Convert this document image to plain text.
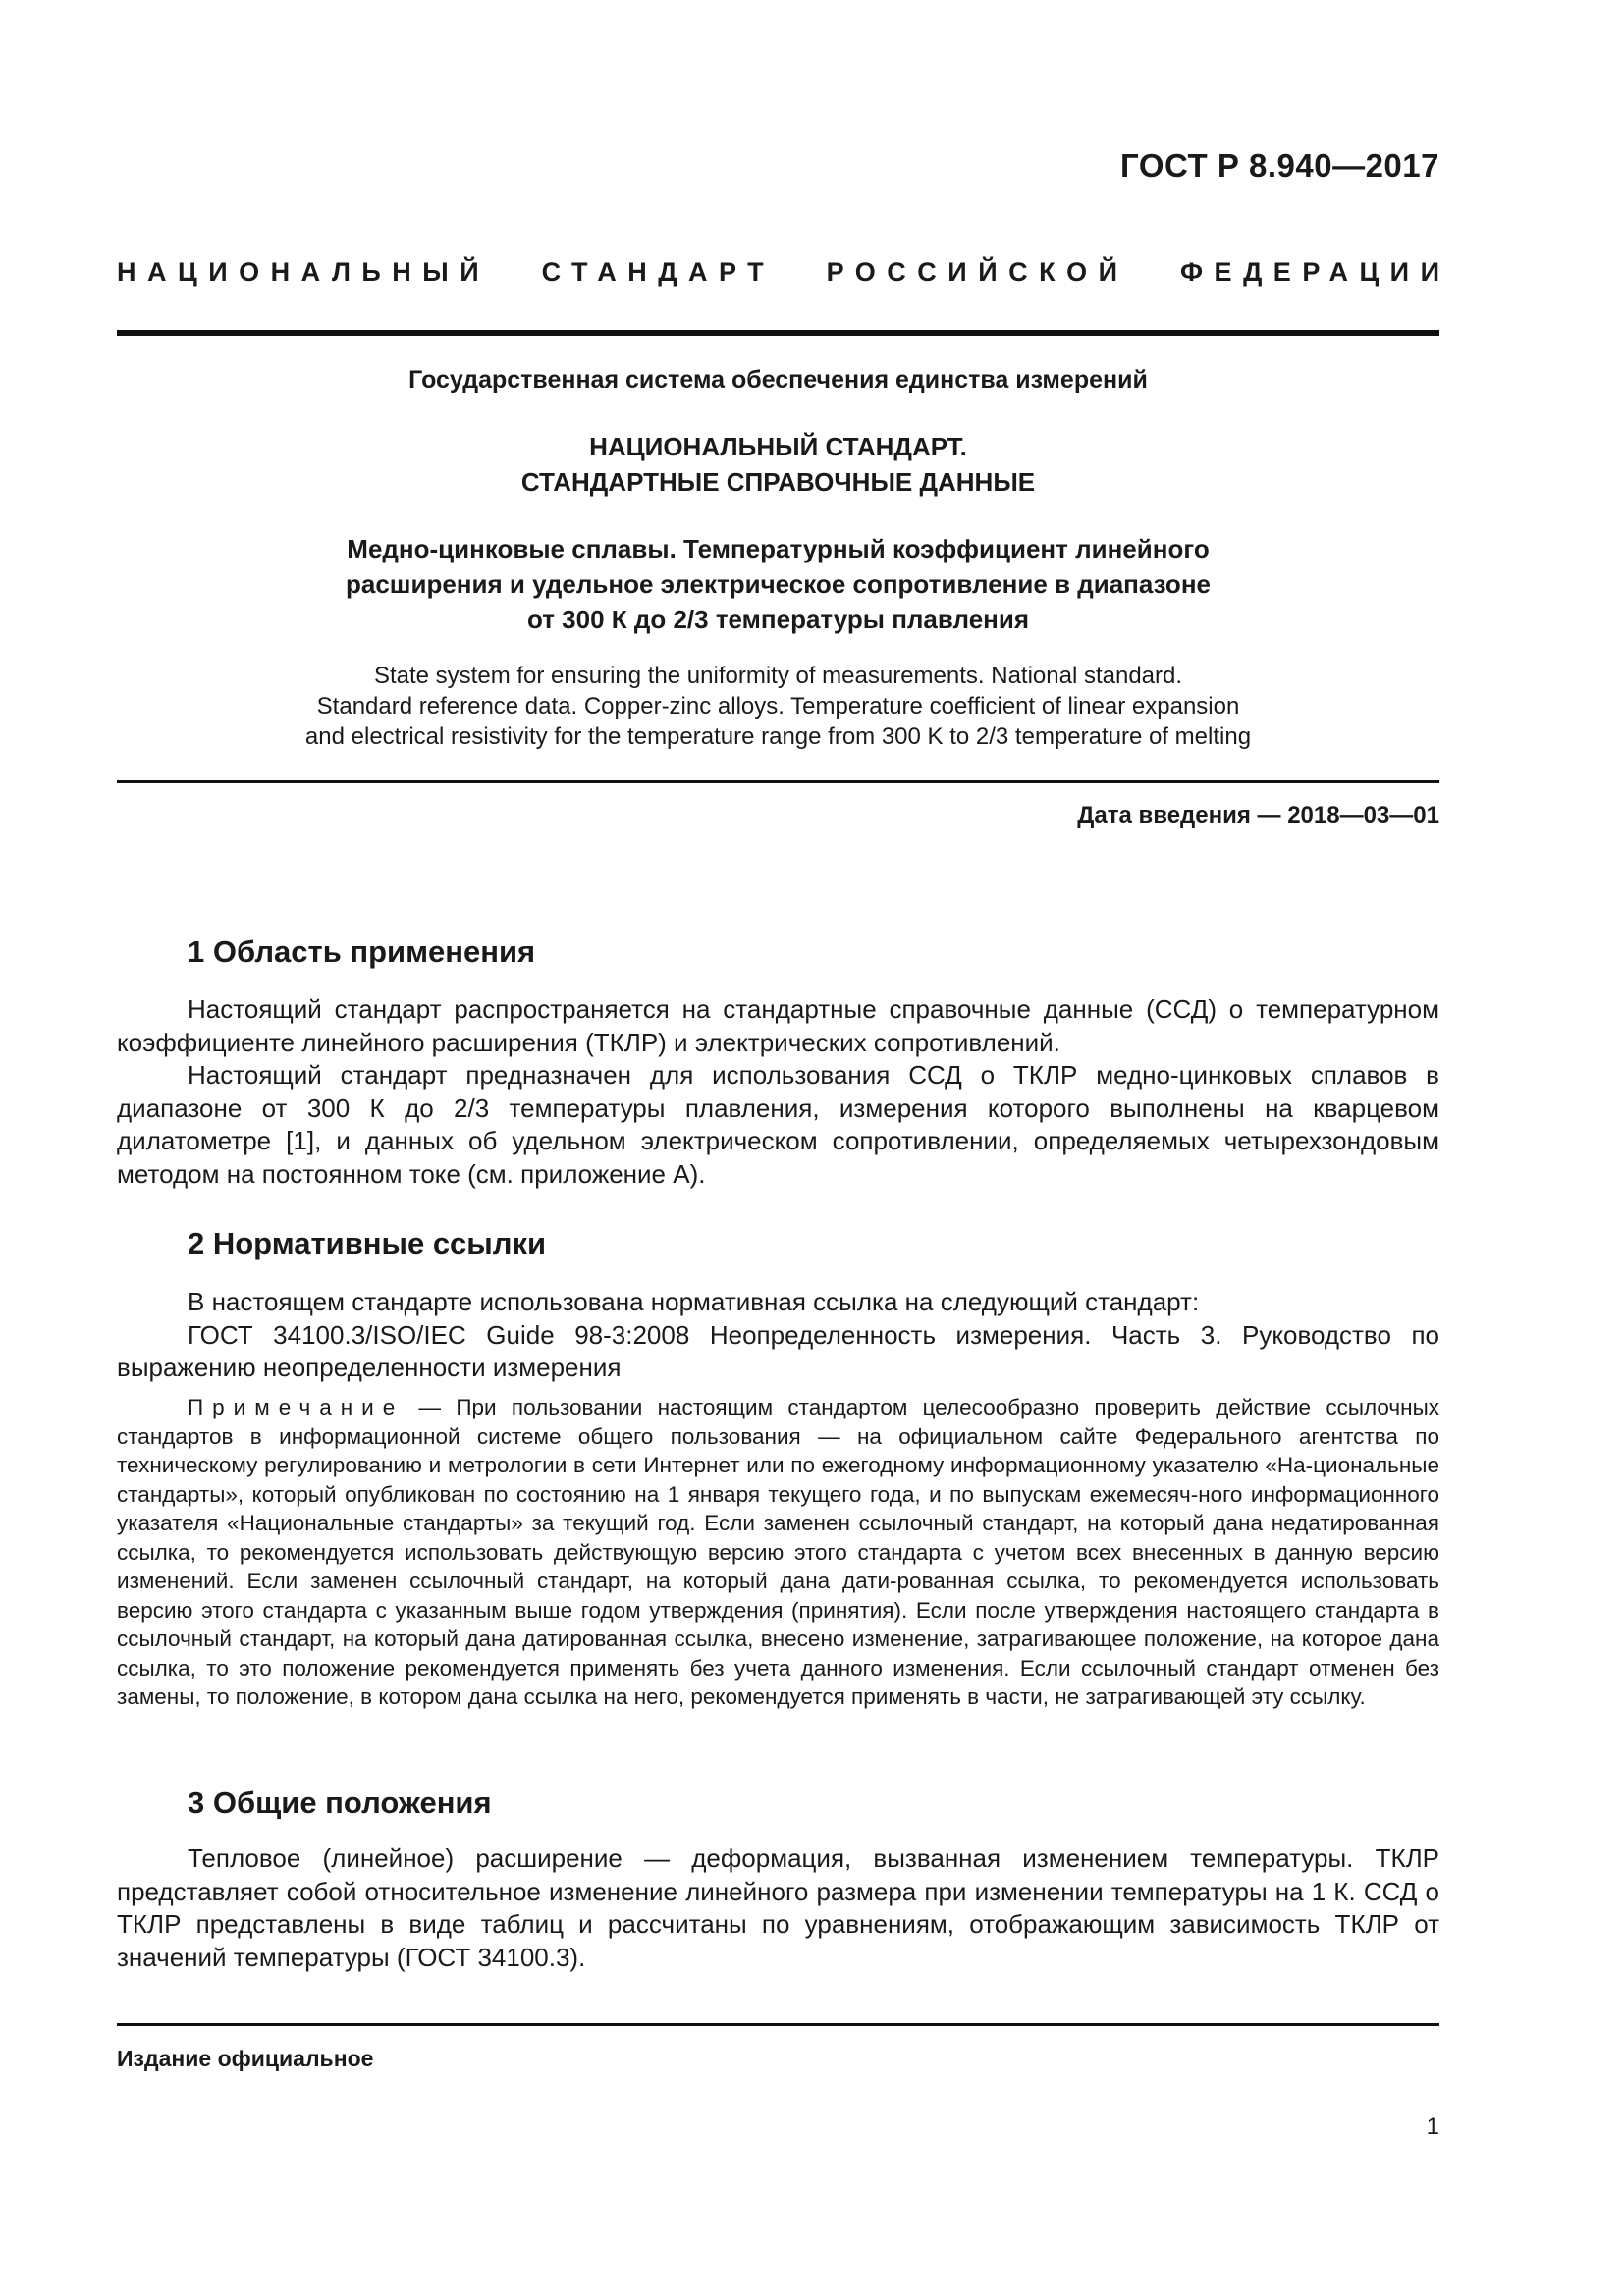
ГОСТ Р 8.940—2017
НАЦИОНАЛЬНЫЙ СТАНДАРТ РОССИЙСКОЙ ФЕДЕРАЦИИ
Государственная система обеспечения единства измерений
НАЦИОНАЛЬНЫЙ СТАНДАРТ.
СТАНДАРТНЫЕ СПРАВОЧНЫЕ ДАННЫЕ
Медно-цинковые сплавы. Температурный коэффициент линейного
расширения и удельное электрическое сопротивление в диапазоне
от 300 К до 2/3 температуры плавления
State system for ensuring the uniformity of measurements. National standard.
Standard reference data. Copper-zinc alloys. Temperature coefficient of linear expansion
and electrical resistivity for the temperature range from 300 K to 2/3 temperature of melting
Дата введения — 2018—03—01
1 Область применения

Настоящий стандарт распространяется на стандартные справочные данные (ССД) о температурном коэффициенте линейного расширения (ТКЛР) и электрических сопротивлений.

Настоящий стандарт предназначен для использования ССД о ТКЛР медно-цинковых сплавов в диапазоне от 300 К до 2/3 температуры плавления, измерения которого выполнены на кварцевом дилатометре [1], и данных об удельном электрическом сопротивлении, определяемых четырехзондовым методом на постоянном токе (см. приложение А).

2 Нормативные ссылки

В настоящем стандарте использована нормативная ссылка на следующий стандарт:

ГОСТ 34100.3/ISO/IEC Guide 98-3:2008 Неопределенность измерения. Часть 3. Руководство по выражению неопределенности измерения

Примечание — При пользовании настоящим стандартом целесообразно проверить действие ссылочных стандартов в информационной системе общего пользования — на официальном сайте Федерального агентства по техническому регулированию и метрологии в сети Интернет или по ежегодному информационному указателю «На-циональные стандарты», который опубликован по состоянию на 1 января текущего года, и по выпускам ежемесяч-ного информационного указателя «Национальные стандарты» за текущий год. Если заменен ссылочный стандарт, на который дана недатированная ссылка, то рекомендуется использовать действующую версию этого стандарта с учетом всех внесенных в данную версию изменений. Если заменен ссылочный стандарт, на который дана дати-рованная ссылка, то рекомендуется использовать версию этого стандарта с указанным выше годом утверждения (принятия). Если после утверждения настоящего стандарта в ссылочный стандарт, на который дана датированная ссылка, внесено изменение, затрагивающее положение, на которое дана ссылка, то это положение рекомендуется применять без учета данного изменения. Если ссылочный стандарт отменен без замены, то положение, в котором дана ссылка на него, рекомендуется применять в части, не затрагивающей эту ссылку.
3 Общие положения

Тепловое (линейное) расширение — деформация, вызванная изменением температуры. ТКЛР представляет собой относительное изменение линейного размера при изменении температуры на 1 К. ССД о ТКЛР представлены в виде таблиц и рассчитаны по уравнениям, отображающим зависимость ТКЛР от значений температуры (ГОСТ 34100.3).

Издание официальное
1
